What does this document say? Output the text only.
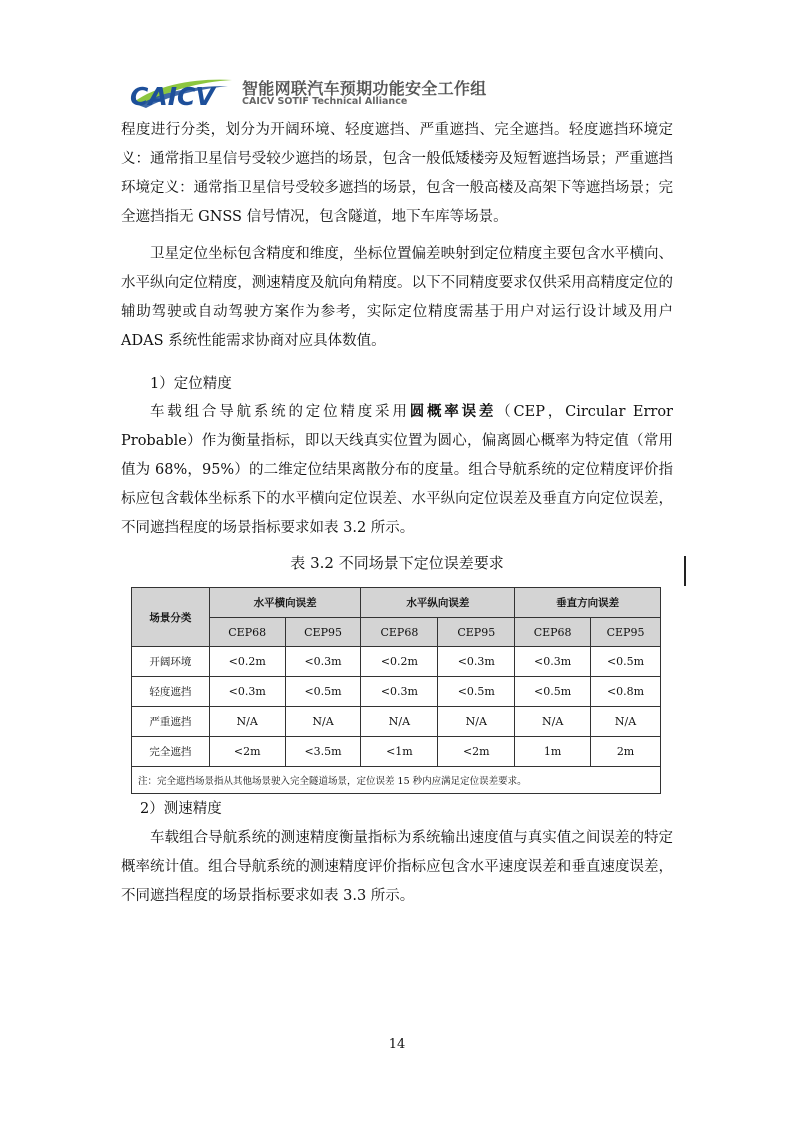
CAICV 智能网联汽车预期功能安全工作组
CAICV SOTIF Technical Alliance

程度进行分类，划分为开阔环境、轻度遮挡、严重遮挡、完全遮挡。轻度遮挡环境定义：通常指卫星信号受较少遮挡的场景，包含一般低矮楼旁及短暂遮挡场景；严重遮挡环境定义：通常指卫星信号受较多遮挡的场景，包含一般高楼及高架下等遮挡场景；完全遮挡指无 GNSS 信号情况，包含隧道，地下车库等场景。

卫星定位坐标包含精度和维度，坐标位置偏差映射到定位精度主要包含水平横向、水平纵向定位精度，测速精度及航向角精度。以下不同精度要求仅供采用高精度定位的辅助驾驶或自动驾驶方案作为参考，实际定位精度需基于用户对运行设计域及用户 ADAS 系统性能需求协商对应具体数值。

1）定位精度

车载组合导航系统的定位精度采用圆概率误差（CEP，Circular Error Probable）作为衡量指标，即以天线真实位置为圆心，偏离圆心概率为特定值（常用值为 68%，95%）的二维定位结果离散分布的度量。组合导航系统的定位精度评价指标应包含载体坐标系下的水平横向定位误差、水平纵向定位误差及垂直方向定位误差，不同遮挡程度的场景指标要求如表 3.2 所示。

表 3.2 不同场景下定位误差要求

场景分类	水平横向误差		水平纵向误差		垂直方向误差	
	CEP68	CEP95	CEP68	CEP95	CEP68	CEP95
开阔环境	<0.2m	<0.3m	<0.2m	<0.3m	<0.3m	<0.5m
轻度遮挡	<0.3m	<0.5m	<0.3m	<0.5m	<0.5m	<0.8m
严重遮挡	N/A	N/A	N/A	N/A	N/A	N/A
完全遮挡	<2m	<3.5m	<1m	<2m	1m	2m
注：完全遮挡场景指从其他场景驶入完全隧道场景，定位误差 15 秒内应满足定位误差要求。						

2）测速精度

车载组合导航系统的测速精度衡量指标为系统输出速度值与真实值之间误差的特定概率统计值。组合导航系统的测速精度评价指标应包含水平速度误差和垂直速度误差，不同遮挡程度的场景指标要求如表 3.3 所示。

14
